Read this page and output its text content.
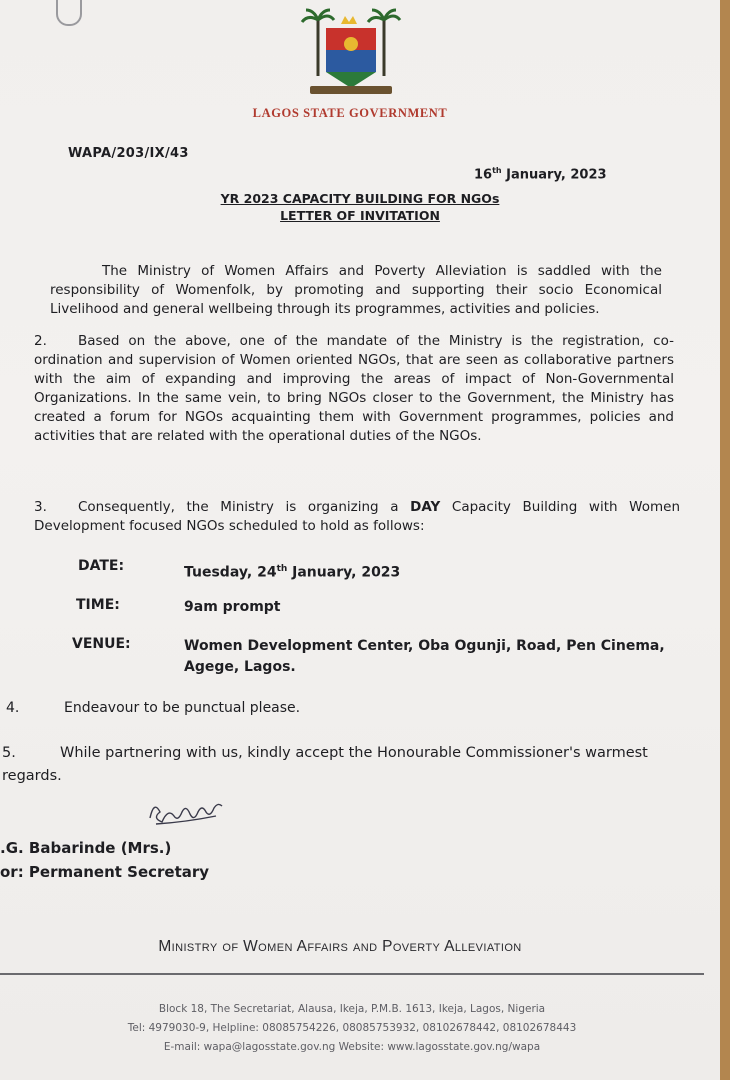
LAGOS STATE GOVERNMENT
WAPA/203/IX/43
16th January, 2023
YR 2023 CAPACITY BUILDING FOR NGOs
LETTER OF INVITATION
The Ministry of Women Affairs and Poverty Alleviation is saddled with the responsibility of Womenfolk, by promoting and supporting their socio Economical Livelihood and general wellbeing through its programmes, activities and policies.
2. Based on the above, one of the mandate of the Ministry is the registration, co-ordination and supervision of Women oriented NGOs, that are seen as collaborative partners with the aim of expanding and improving the areas of impact of Non-Governmental Organizations. In the same vein, to bring NGOs closer to the Government, the Ministry has created a forum for NGOs acquainting them with Government programmes, policies and activities that are related with the operational duties of the NGOs.
3. Consequently, the Ministry is organizing a DAY Capacity Building with Women Development focused NGOs scheduled to hold as follows:
DATE:	Tuesday, 24th January, 2023
TIME:	9am prompt
VENUE:	Women Development Center, Oba Ogunji, Road, Pen Cinema, Agege, Lagos.
4.	Endeavour to be punctual please.
5.	While partnering with us, kindly accept the Honourable Commissioner's warmest regards.
.G. Babarinde (Mrs.)
or: Permanent Secretary
Ministry of Women Affairs and Poverty Alleviation
Block 18, The Secretariat, Alausa, Ikeja, P.M.B. 1613, Ikeja, Lagos, Nigeria
Tel: 4979030-9, Helpline: 08085754226, 08085753932, 08102678442, 08102678443
E-mail: wapa@lagosstate.gov.ng Website: www.lagosstate.gov.ng/wapa
